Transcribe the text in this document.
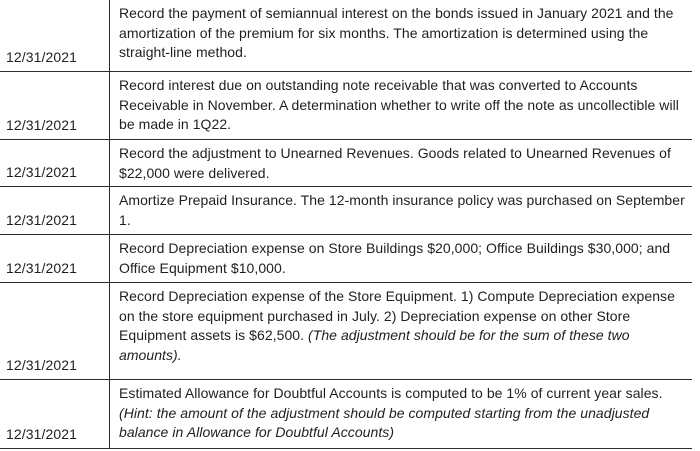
12/31/2021
Record the payment of semiannual interest on the bonds issued in January 2021 and the amortization of the premium for six months. The amortization is determined using the straight-line method.
12/31/2021
Record interest due on outstanding note receivable that was converted to Accounts Receivable in November. A determination whether to write off the note as uncollectible will be made in 1Q22.
12/31/2021
Record the adjustment to Unearned Revenues. Goods related to Unearned Revenues of $22,000 were delivered.
12/31/2021
Amortize Prepaid Insurance. The 12-month insurance policy was purchased on September 1.
12/31/2021
Record Depreciation expense on Store Buildings $20,000; Office Buildings $30,000; and Office Equipment $10,000.
12/31/2021
Record Depreciation expense of the Store Equipment. 1) Compute Depreciation expense on the store equipment purchased in July. 2) Depreciation expense on other Store Equipment assets is $62,500. (The adjustment should be for the sum of these two amounts).
12/31/2021
Estimated Allowance for Doubtful Accounts is computed to be 1% of current year sales. (Hint: the amount of the adjustment should be computed starting from the unadjusted balance in Allowance for Doubtful Accounts)
